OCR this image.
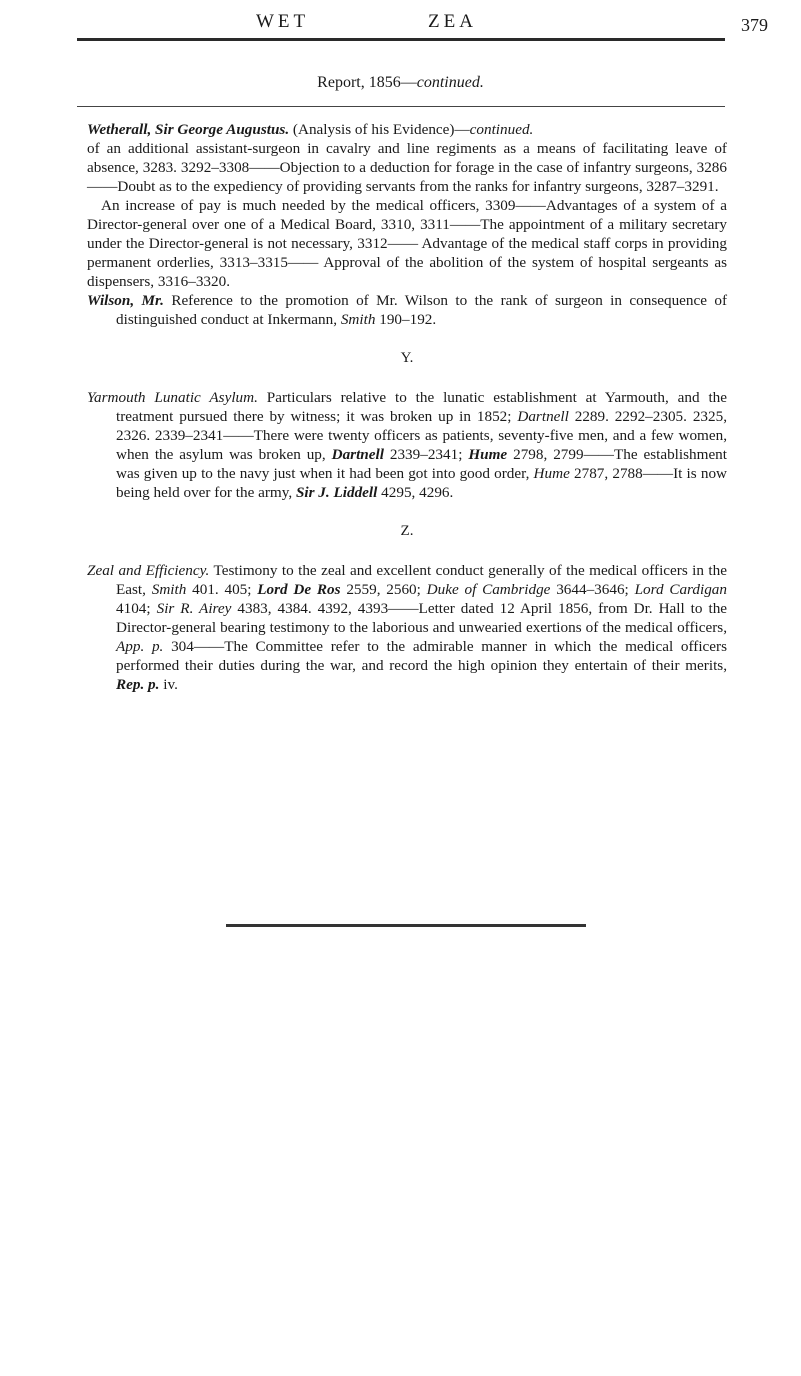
WET	ZEA	379
Report, 1856—continued.

Wetherall, Sir George Augustus. (Analysis of his Evidence)—continued.

of an additional assistant-surgeon in cavalry and line regiments as a means of facilitating leave of absence, 3283. 3292–3308——Objection to a deduction for forage in the case of infantry surgeons, 3286——Doubt as to the expediency of providing servants from the ranks for infantry surgeons, 3287–3291.

An increase of pay is much needed by the medical officers, 3309——Advantages of a system of a Director-general over one of a Medical Board, 3310, 3311——The appointment of a military secretary under the Director-general is not necessary, 3312—— Advantage of the medical staff corps in providing permanent orderlies, 3313–3315—— Approval of the abolition of the system of hospital sergeants as dispensers, 3316–3320.

Wilson, Mr. Reference to the promotion of Mr. Wilson to the rank of surgeon in consequence of distinguished conduct at Inkermann, Smith 190–192.

Y.

Yarmouth Lunatic Asylum. Particulars relative to the lunatic establishment at Yarmouth, and the treatment pursued there by witness; it was broken up in 1852; Dartnell 2289. 2292–2305. 2325, 2326. 2339–2341——There were twenty officers as patients, seventy-five men, and a few women, when the asylum was broken up, Dartnell 2339–2341; Hume 2798, 2799——The establishment was given up to the navy just when it had been got into good order, Hume 2787, 2788——It is now being held over for the army, Sir J. Liddell 4295, 4296.

Z.

Zeal and Efficiency. Testimony to the zeal and excellent conduct generally of the medical officers in the East, Smith 401. 405; Lord De Ros 2559, 2560; Duke of Cambridge 3644–3646; Lord Cardigan 4104; Sir R. Airey 4383, 4384. 4392, 4393——Letter dated 12 April 1856, from Dr. Hall to the Director-general bearing testimony to the laborious and unwearied exertions of the medical officers, App. p. 304——The Committee refer to the admirable manner in which the medical officers performed their duties during the war, and record the high opinion they entertain of their merits, Rep. p. iv.
